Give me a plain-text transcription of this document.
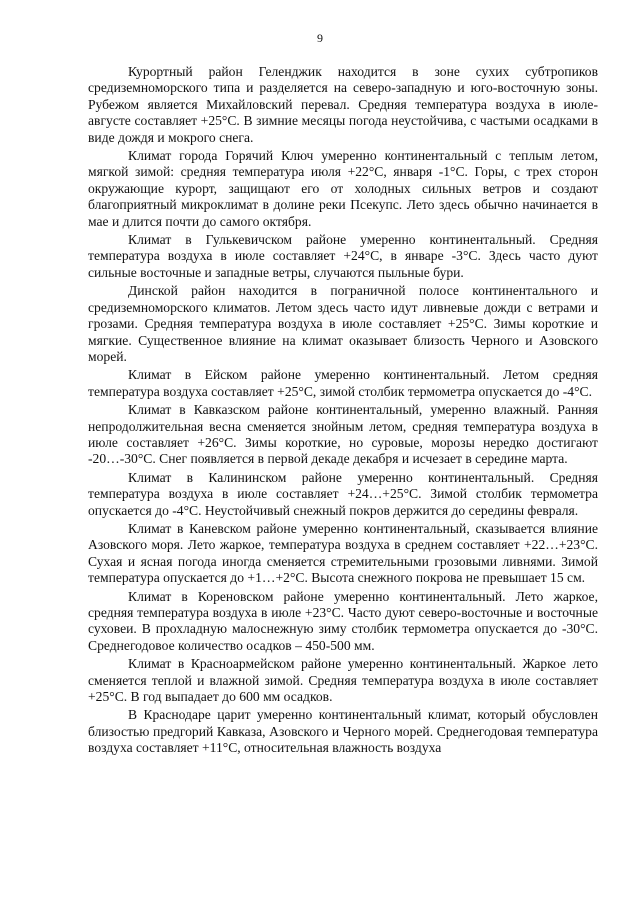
9

Курортный район Геленджик находится в зоне сухих субтропиков средиземноморского типа и разделяется на северо-западную и юго-восточную зоны. Рубежом является Михайловский перевал. Средняя температура воздуха в июле-августе составляет +25°С. В зимние месяцы погода неустойчива, с частыми осадками в виде дождя и мокрого снега.

Климат города Горячий Ключ умеренно континентальный с теплым летом, мягкой зимой: средняя температура июля +22°С, января -1°С. Горы, с трех сторон окружающие курорт, защищают его от холодных сильных ветров и создают благоприятный микроклимат в долине реки Псекупс. Лето здесь обычно начинается в мае и длится почти до самого октября.

Климат в Гулькевичском районе умеренно континентальный. Средняя температура воздуха в июле составляет +24°С, в январе -3°С. Здесь часто дуют сильные восточные и западные ветры, случаются пыльные бури.

Динской район находится в пограничной полосе континентального и средиземноморского климатов. Летом здесь часто идут ливневые дожди с ветрами и грозами. Средняя температура воздуха в июле составляет +25°С. Зимы короткие и мягкие. Существенное влияние на климат оказывает близость Черного и Азовского морей.

Климат в Ейском районе умеренно континентальный. Летом средняя температура воздуха составляет +25°С, зимой столбик термометра опускается до -4°С.

Климат в Кавказском районе континентальный, умеренно влажный. Ранняя непродолжительная весна сменяется знойным летом, средняя температура воздуха в июле составляет +26°С. Зимы короткие, но суровые, морозы нередко достигают -20…-30°С. Снег появляется в первой декаде декабря и исчезает в середине марта.

Климат в Калининском районе умеренно континентальный. Средняя температура воздуха в июле составляет +24…+25°С. Зимой столбик термометра опускается до -4°С. Неустойчивый снежный покров держится до середины февраля.

Климат в Каневском районе умеренно континентальный, сказывается влияние Азовского моря. Лето жаркое, температура воздуха в среднем составляет +22…+23°С. Сухая и ясная погода иногда сменяется стремительными грозовыми ливнями. Зимой температура опускается до +1…+2°С. Высота снежного покрова не превышает 15 см.

Климат в Кореновском районе умеренно континентальный. Лето жаркое, средняя температура воздуха в июле +23°С. Часто дуют северо-восточные и восточные суховеи. В прохладную малоснежную зиму столбик термометра опускается до -30°С. Среднегодовое количество осадков – 450-500 мм.

Климат в Красноармейском районе умеренно континентальный. Жаркое лето сменяется теплой и влажной зимой. Средняя температура воздуха в июле составляет +25°С. В год выпадает до 600 мм осадков.

В Краснодаре царит умеренно континентальный климат, который обусловлен близостью предгорий Кавказа, Азовского и Черного морей. Среднегодовая температура воздуха составляет +11°С, относительная влажность воздуха
